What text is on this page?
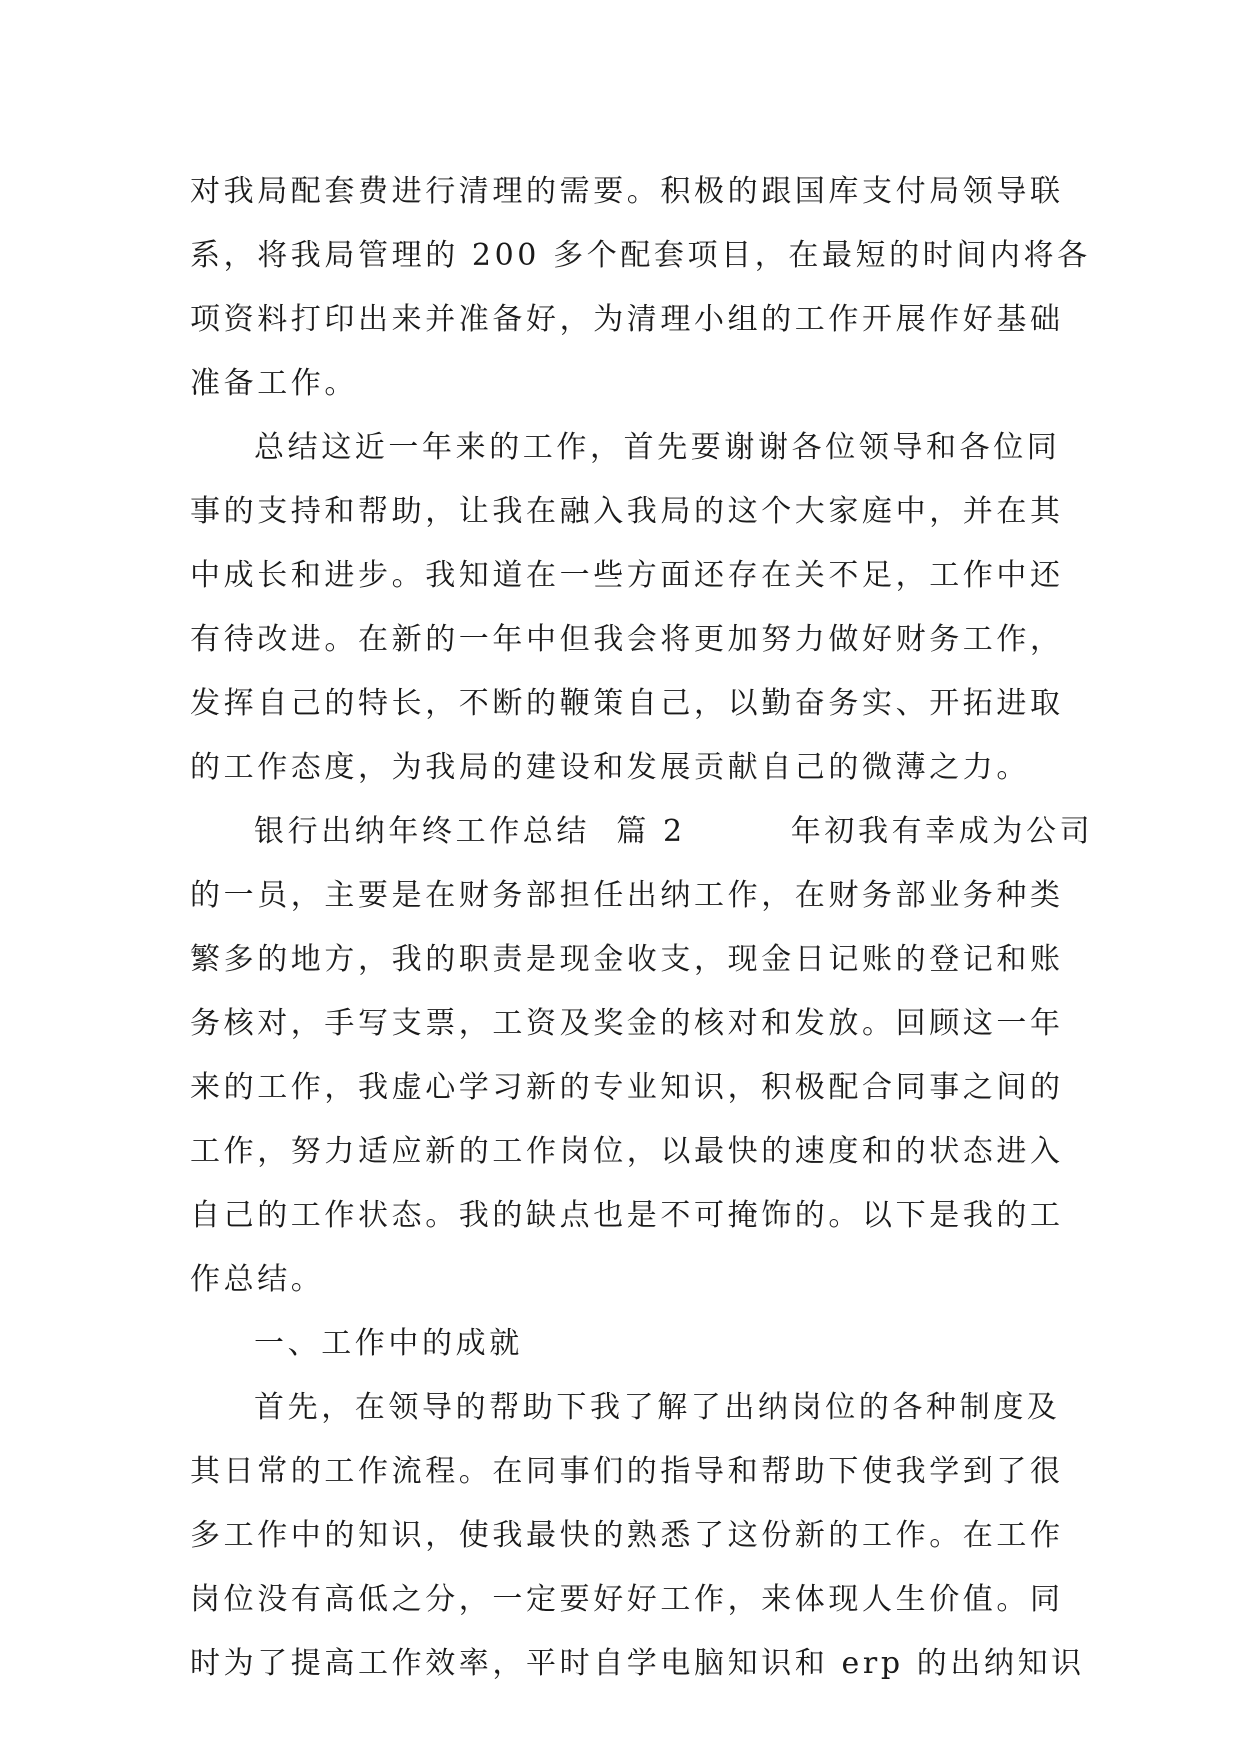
对我局配套费进行清理的需要。积极的跟国库支付局领导联
系，将我局管理的 200 多个配套项目，在最短的时间内将各
项资料打印出来并准备好，为清理小组的工作开展作好基础
准备工作。
总结这近一年来的工作，首先要谢谢各位领导和各位同
事的支持和帮助，让我在融入我局的这个大家庭中，并在其
中成长和进步。我知道在一些方面还存在关不足，工作中还
有待改进。在新的一年中但我会将更加努力做好财务工作，
发挥自己的特长，不断的鞭策自己，以勤奋务实、开拓进取
的工作态度，为我局的建设和发展贡献自己的微薄之力。
银行出纳年终工作总结  篇 2        年初我有幸成为公司
的一员，主要是在财务部担任出纳工作，在财务部业务种类
繁多的地方，我的职责是现金收支，现金日记账的登记和账
务核对，手写支票，工资及奖金的核对和发放。回顾这一年
来的工作，我虚心学习新的专业知识，积极配合同事之间的
工作，努力适应新的工作岗位，以最快的速度和的状态进入
自己的工作状态。我的缺点也是不可掩饰的。以下是我的工
作总结。
一、工作中的成就
首先，在领导的帮助下我了解了出纳岗位的各种制度及
其日常的工作流程。在同事们的指导和帮助下使我学到了很
多工作中的知识，使我最快的熟悉了这份新的工作。在工作
岗位没有高低之分，一定要好好工作，来体现人生价值。同
时为了提高工作效率，平时自学电脑知识和 erp 的出纳知识
